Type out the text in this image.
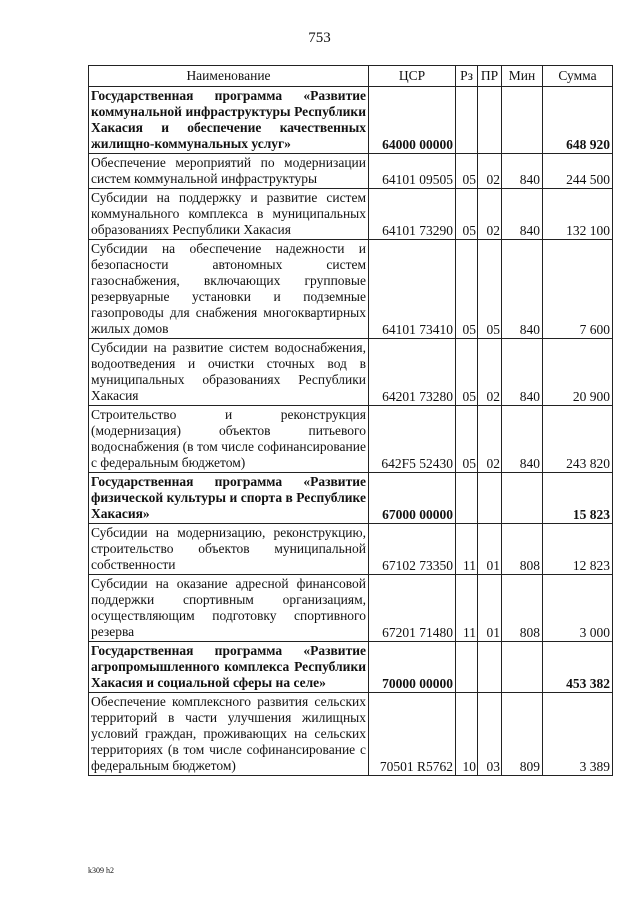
753
Наименование	ЦСР	Рз	ПР	Мин	Сумма
Государственная программа «Развитие коммунальной инфраструктуры Республики Хакасия и обеспечение качественных жилищно-коммунальных услуг»	64000 00000				648 920
Обеспечение мероприятий по модернизации систем коммунальной инфраструктуры	64101 09505	05	02	840	244 500
Субсидии на поддержку и развитие систем коммунального комплекса в муниципальных образованиях Республики Хакасия	64101 73290	05	02	840	132 100
Субсидии на обеспечение надежности и безопасности автономных систем газоснабжения, включающих групповые резервуарные установки и подземные газопроводы для снабжения многоквартирных жилых домов	64101 73410	05	05	840	7 600
Субсидии на развитие систем водоснабжения, водоотведения и очистки сточных вод в муниципальных образованиях Республики Хакасия	64201 73280	05	02	840	20 900
Строительство и реконструкция (модернизация) объектов питьевого водоснабжения (в том числе софинансирование с федеральным бюджетом)	642F5 52430	05	02	840	243 820
Государственная программа «Развитие физической культуры и спорта в Республике Хакасия»	67000 00000				15 823
Субсидии на модернизацию, реконструкцию, строительство объектов муниципальной собственности	67102 73350	11	01	808	12 823
Субсидии на оказание адресной финансовой поддержки спортивным организациям, осуществляющим подготовку спортивного резерва	67201 71480	11	01	808	3 000
Государственная программа «Развитие агропромышленного комплекса Республики Хакасия и социальной сферы на селе»	70000 00000				453 382
Обеспечение комплексного развития сельских территорий в части улучшения жилищных условий граждан, проживающих на сельских территориях (в том числе софинансирование с федеральным бюджетом)	70501 R5762	10	03	809	3 389
k309 h2
